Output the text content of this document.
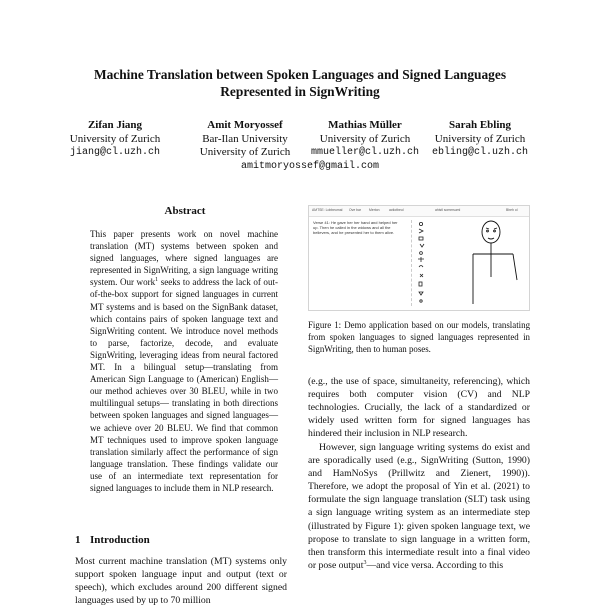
Machine Translation between Spoken Languages and Signed Languages
Represented in SignWriting
Zifan Jiang
University of Zurich
jiang@cl.uzh.ch
Amit Moryossef
Bar-Ilan University
University of Zurich
Mathias Müller
University of Zurich
mmueller@cl.uzh.ch
Sarah Ebling
University of Zurich
ebling@cl.uzh.ch
amitmoryossef@gmail.com
Abstract

This paper presents work on novel machine translation (MT) systems between spoken and signed languages, where signed languages are represented in SignWriting, a sign language writing system. Our work$^1$ seeks to address the lack of out-of-the-box support for signed languages in current MT systems and is based on the SignBank dataset, which contains pairs of spoken language text and SignWriting content. We introduce novel methods to parse, factorize, decode, and evaluate SignWriting, leveraging ideas from neural factored MT. In a bilingual setup—translating from American Sign Language to (American) English—our method achieves over 30 BLEU, while in two multilingual setups— translating in both directions between spoken languages and signed languages—we achieve over 20 BLEU. We find that common MT techniques used to improve spoken language translation similarly affect the performance of sign language translation. These findings validate our use of an intermediate text representation for signed languages to include them in NLP research.

1 Introduction

Most current machine translation (MT) systems only support spoken language input and output (text or speech), which excludes around 200 different signed languages used by up to 70 million

AMTSE: Lobbeumal Ove bar Merton	actiotbeul	ahistl sommsuml	Bheh ol
Verse 41: He gave her her hand and helped her up. Then he called in the widows and all the believers, and he presented her to them alive.
Figure 1: Demo application based on our models, translating from spoken languages to signed languages represented in SignWriting, then to human poses.

(e.g., the use of space, simultaneity, referencing), which requires both computer vision (CV) and NLP technologies. Crucially, the lack of a standardized or widely used written form for signed languages has hindered their inclusion in NLP research.

However, sign language writing systems do exist and are sporadically used (e.g., SignWriting (Sutton, 1990) and HamNoSys (Prillwitz and Zienert, 1990)). Therefore, we adopt the proposal of Yin et al. (2021) to formulate the sign language translation (SLT) task using a sign language writing system as an intermediate step (illustrated by Figure 1): given spoken language text, we propose to translate to sign language in a written form, then transform this intermediate result into a final video or pose output$^3$—and vice versa. According to this
